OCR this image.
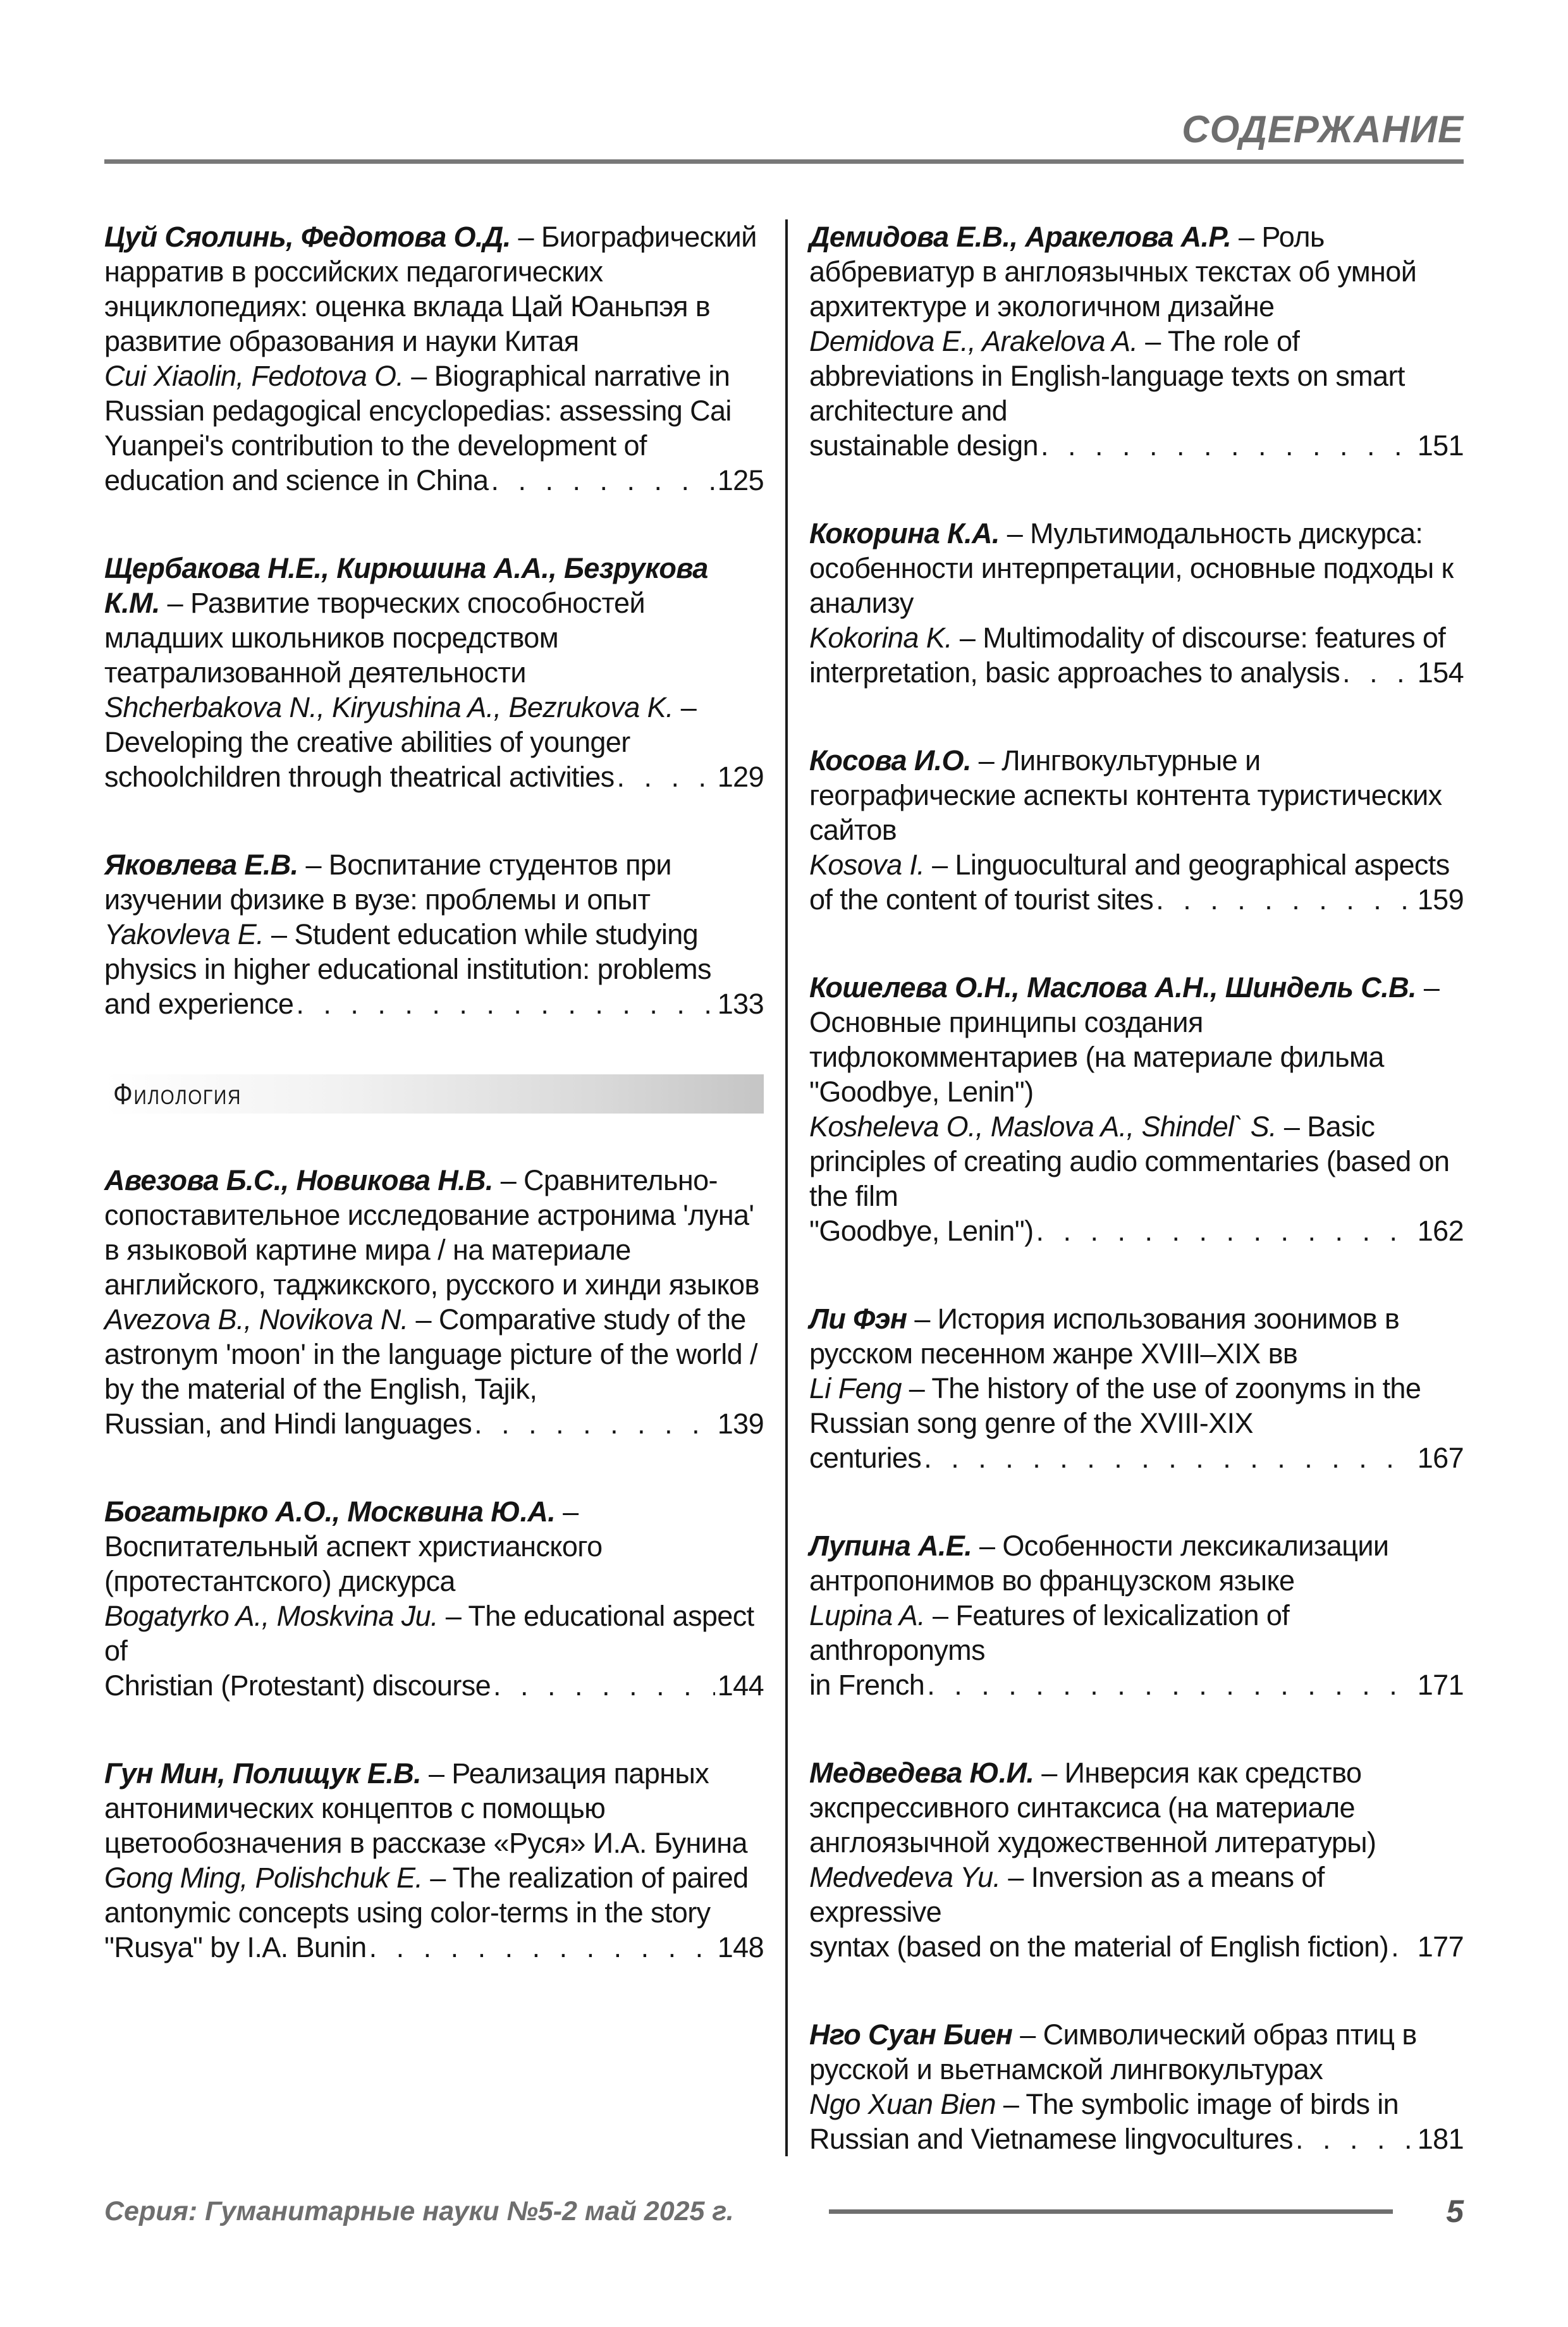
СОДЕРЖАНИЕ
Цуй Сяолинь, Федотова О.Д. – Биографический нарратив в российских педагогических энциклопедиях: оценка вклада Цай Юаньпэя в развитие образования и науки Китая
Cui Xiaolin, Fedotova O. – Biographical narrative in Russian pedagogical encyclopedias: assessing Cai Yuanpei's contribution to the development of
education and science in China . . .	125
Щербакова Н.Е., Кирюшина А.А., Безрукова К.М. – Развитие творческих способностей младших школьников посредством театрализованной деятельности
Shcherbakova N., Kiryushina A., Bezrukova K. – Developing the creative abilities of younger
schoolchildren through theatrical activities . . .	129
Яковлева Е.В. – Воспитание студентов при изучении физике в вузе: проблемы и опыт
Yakovleva E. – Student education while studying physics in higher educational institution: problems
and experience . . .	133
Филология
Авезова Б.С., Новикова Н.В. – Сравнительно-сопоставительное исследование астронима 'луна' в языковой картине мира / на материале английского, таджикского, русского и хинди языков
Avezova B., Novikova N. – Comparative study of the astronym 'moon' in the language picture of the world / by the material of the English, Tajik,
Russian, and Hindi languages . . .	139
Богатырко А.О., Москвина Ю.А. – Воспитательный аспект христианского (протестантского) дискурса
Bogatyrko A., Moskvina Ju. – The educational aspect of
Christian (Protestant) discourse . . .	144
Гун Мин, Полищук Е.В. – Реализация парных антонимических концептов с помощью цветообозначения в рассказе «Руся» И.А. Бунина
Gong Ming, Polishchuk E. – The realization of paired antonymic concepts using color-terms in the story
"Rusya" by I.A. Bunin . . .	148
Демидова Е.В., Аракелова А.Р. – Роль аббревиатур в англоязычных текстах об умной архитектуре и экологичном дизайне
Demidova E., Arakelova A. – The role of abbreviations in English-language texts on smart architecture and
sustainable design . . .	151
Кокорина К.А. – Мультимодальность дискурса: особенности интерпретации, основные подходы к анализу
Kokorina K. – Multimodality of discourse: features of
interpretation, basic approaches to analysis . . .	154
Косова И.О. – Лингвокультурные и географические аспекты контента туристических сайтов
Kosova I. – Linguocultural and geographical aspects
of the content of tourist sites . . .	159
Кошелева О.Н., Маслова А.Н., Шиндель С.В. – Основные принципы создания тифлокомментариев (на материале фильма "Goodbye, Lenin")
Kosheleva O., Maslova A., Shindel` S. – Basic principles of creating audio commentaries (based on the film
"Goodbye, Lenin") . . .	162
Ли Фэн – История использования зоонимов в русском песенном жанре XVIII–XIX вв
Li Feng – The history of the use of zoonyms in the Russian song genre of the XVIII-XIX
centuries . . .	167
Лупина А.Е. – Особенности лексикализации антропонимов во французском языке
Lupina A. – Features of lexicalization of anthroponyms
in French . . .	171
Медведева Ю.И. – Инверсия как средство экспрессивного синтаксиса (на материале англоязычной художественной литературы)
Medvedeva Yu. – Inversion as a means of expressive
syntax (based on the material of English fiction) . . . 177
Нго Суан Биен – Символический образ птиц в русской и вьетнамской лингвокультурах
Ngo Xuan Bien – The symbolic image of birds in
Russian and Vietnamese lingvocultures . . .	181
Серия: Гуманитарные науки №5-2 май 2025 г.	5
